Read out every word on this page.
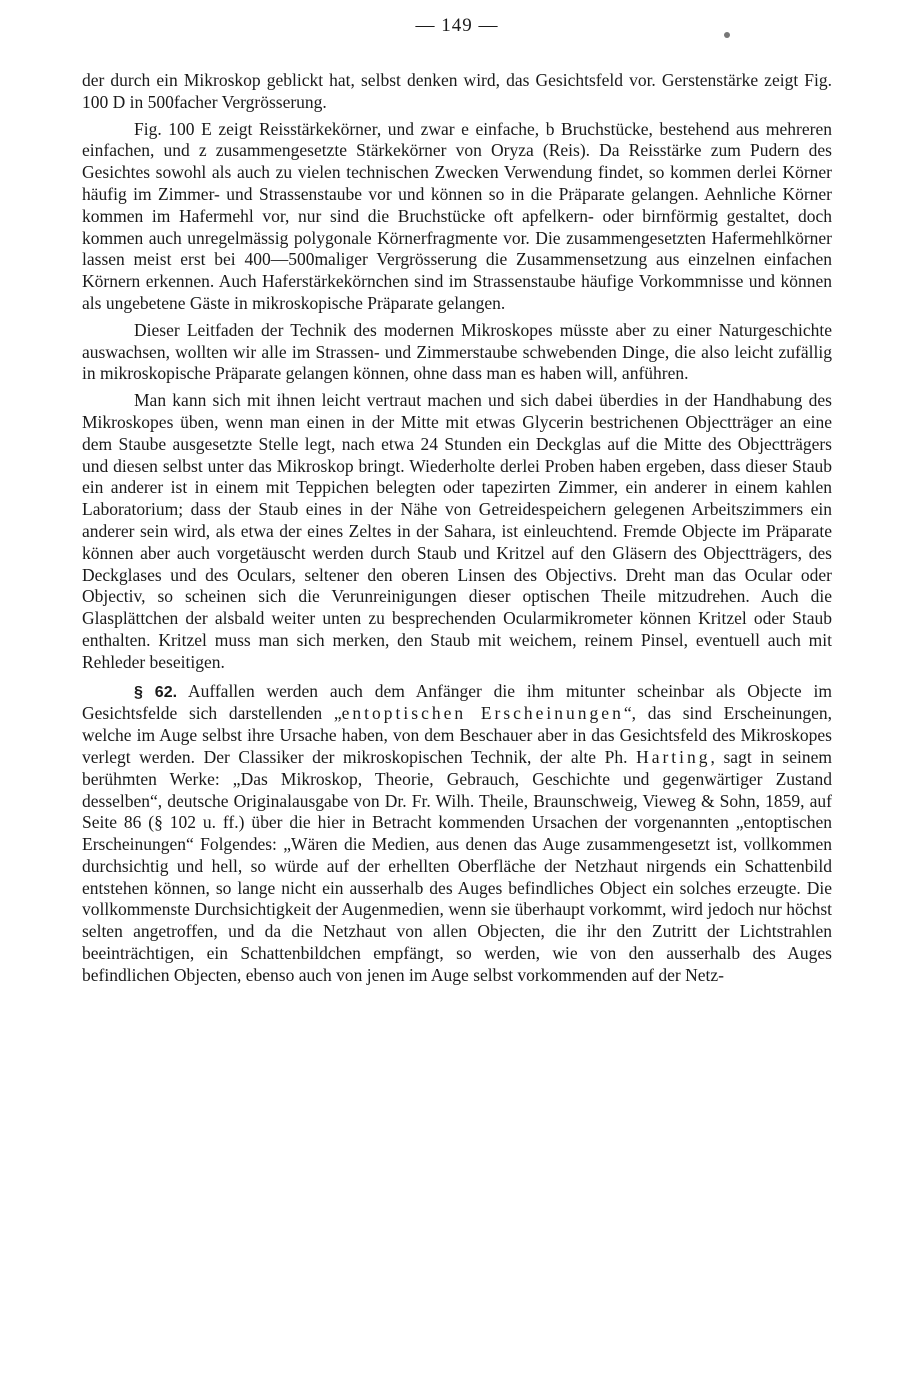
— 149 —

der durch ein Mikroskop geblickt hat, selbst denken wird, das Gesichtsfeld vor. Gerstenstärke zeigt Fig. 100 D in 500facher Vergrösserung.

Fig. 100 E zeigt Reisstärkekörner, und zwar e einfache, b Bruchstücke, bestehend aus mehreren einfachen, und z zusammengesetzte Stärkekörner von Oryza (Reis). Da Reisstärke zum Pudern des Gesichtes sowohl als auch zu vielen technischen Zwecken Verwendung findet, so kommen derlei Körner häufig im Zimmer- und Strassenstaube vor und können so in die Präparate gelangen. Aehnliche Körner kommen im Hafermehl vor, nur sind die Bruchstücke oft apfelkern- oder birnförmig gestaltet, doch kommen auch unregelmässig polygonale Körnerfragmente vor. Die zusammengesetzten Hafermehlkörner lassen meist erst bei 400—500maliger Vergrösserung die Zusammensetzung aus einzelnen einfachen Körnern erkennen. Auch Haferstärkekörnchen sind im Strassenstaube häufige Vorkommnisse und können als ungebetene Gäste in mikroskopische Präparate gelangen.

Dieser Leitfaden der Technik des modernen Mikroskopes müsste aber zu einer Naturgeschichte auswachsen, wollten wir alle im Strassen- und Zimmerstaube schwebenden Dinge, die also leicht zufällig in mikroskopische Präparate gelangen können, ohne dass man es haben will, anführen.

Man kann sich mit ihnen leicht vertraut machen und sich dabei überdies in der Handhabung des Mikroskopes üben, wenn man einen in der Mitte mit etwas Glycerin bestrichenen Objectträger an eine dem Staube ausgesetzte Stelle legt, nach etwa 24 Stunden ein Deckglas auf die Mitte des Objectträgers und diesen selbst unter das Mikroskop bringt. Wiederholte derlei Proben haben ergeben, dass dieser Staub ein anderer ist in einem mit Teppichen belegten oder tapezirten Zimmer, ein anderer in einem kahlen Laboratorium; dass der Staub eines in der Nähe von Getreidespeichern gelegenen Arbeitszimmers ein anderer sein wird, als etwa der eines Zeltes in der Sahara, ist einleuchtend. Fremde Objecte im Präparate können aber auch vorgetäuscht werden durch Staub und Kritzel auf den Gläsern des Objectträgers, des Deckglases und des Oculars, seltener den oberen Linsen des Objectivs. Dreht man das Ocular oder Objectiv, so scheinen sich die Verunreinigungen dieser optischen Theile mitzudrehen. Auch die Glasplättchen der alsbald weiter unten zu besprechenden Ocularmikrometer können Kritzel oder Staub enthalten. Kritzel muss man sich merken, den Staub mit weichem, reinem Pinsel, eventuell auch mit Rehleder beseitigen.

§ 62. Auffallen werden auch dem Anfänger die ihm mitunter scheinbar als Objecte im Gesichtsfelde sich darstellenden „entoptischen Erscheinungen“, das sind Erscheinungen, welche im Auge selbst ihre Ursache haben, von dem Beschauer aber in das Gesichtsfeld des Mikroskopes verlegt werden. Der Classiker der mikroskopischen Technik, der alte Ph. Harting, sagt in seinem berühmten Werke: „Das Mikroskop, Theorie, Gebrauch, Geschichte und gegenwärtiger Zustand desselben“, deutsche Originalausgabe von Dr. Fr. Wilh. Theile, Braunschweig, Vieweg & Sohn, 1859, auf Seite 86 (§ 102 u. ff.) über die hier in Betracht kommenden Ursachen der vorgenannten „entoptischen Erscheinungen“ Folgendes: „Wären die Medien, aus denen das Auge zusammengesetzt ist, vollkommen durchsichtig und hell, so würde auf der erhellten Oberfläche der Netzhaut nirgends ein Schattenbild entstehen können, so lange nicht ein ausserhalb des Auges befindliches Object ein solches erzeugte. Die vollkommenste Durchsichtigkeit der Augenmedien, wenn sie überhaupt vorkommt, wird jedoch nur höchst selten angetroffen, und da die Netzhaut von allen Objecten, die ihr den Zutritt der Lichtstrahlen beeinträchtigen, ein Schattenbildchen empfängt, so werden, wie von den ausserhalb des Auges befindlichen Objecten, ebenso auch von jenen im Auge selbst vorkommenden auf der Netz-
